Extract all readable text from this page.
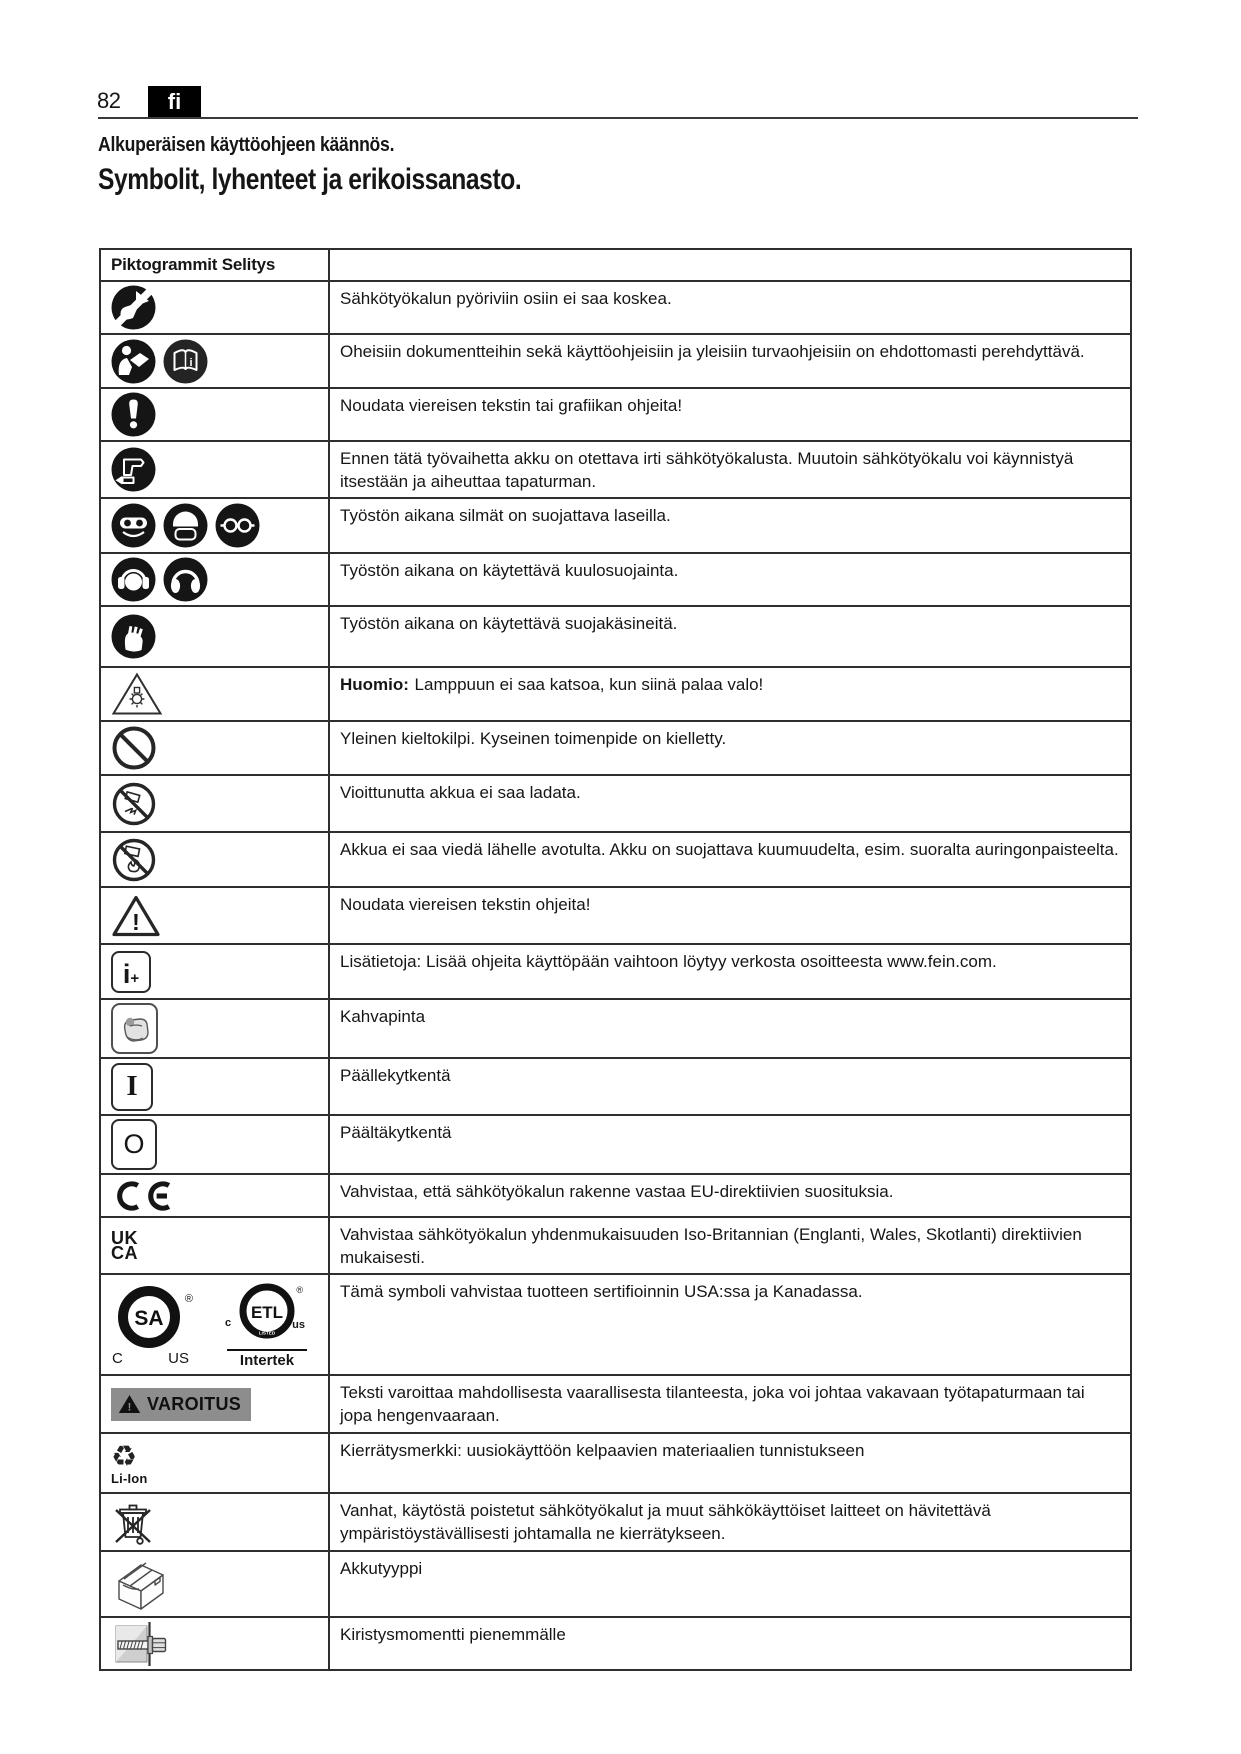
82 fi
Alkuperäisen käyttöohjeen käännös.
Symbolit, lyhenteet ja erikoissanasto.
Piktogrammit Selitys	

	Sähkötyökalun pyöriviin osiin ei saa koskea.

i	Oheisiin dokumentteihin sekä käyttöohjeisiin ja yleisiin turvaohjeisiin on ehdottomasti perehdyttävä.

	Noudata viereisen tekstin tai grafiikan ohjeita!

	Ennen tätä työvaihetta akku on otettava irti sähkötyökalusta. Muutoin sähkötyökalu voi käynnistyä itsestään ja aiheuttaa tapaturman.

	Työstön aikana silmät on suojattava laseilla.

	Työstön aikana on käytettävä kuulosuojainta.

	Työstön aikana on käytettävä suojakäsineitä.

	Huomio: Lamppuun ei saa katsoa, kun siinä palaa valo!

	Yleinen kieltokilpi. Kyseinen toimenpide on kielletty.

	Vioittunutta akkua ei saa ladata.

	Akkua ei saa viedä lähelle avotulta. Akku on suojattava kuumuudelta, esim. suoralta auringonpaisteelta.

!	Noudata viereisen tekstin ohjeita!

i +	Lisätietoja: Lisää ohjeita käyttöpään vaihtoon löytyy verkosta osoitteesta www.fein.com.

	Kahvapinta

I	Päällekytkentä

O	Päältäkytkentä

	Vahvistaa, että sähkötyökalun rakenne vastaa EU-direktiivien suosituksia.

UK
CA	Vahvistaa sähkötyökalun yhdenmukaisuuden Iso-Britannian (Englanti, Wales, Skotlanti) direktiivien mukaisesti.

SA
®
C	US
ETL
LISTED
c	us
®
Intertek
	Tämä symboli vahvistaa tuotteen sertifioinnin USA:ssa ja Kanadassa.

! VAROITUS	Teksti varoittaa mahdollisesta vaarallisesta tilanteesta, joka voi johtaa vakavaan työtapaturmaan tai jopa hengenvaaraan.

♻
Li-Ion	Kierrätysmerkki: uusiokäyttöön kelpaavien materiaalien tunnistukseen

	Vanhat, käytöstä poistetut sähkötyökalut ja muut sähkökäyttöiset laitteet on hävitettävä ympäristöystävällisesti johtamalla ne kierrätykseen.

	Akkutyyppi

	Kiristysmomentti pienemmälle
